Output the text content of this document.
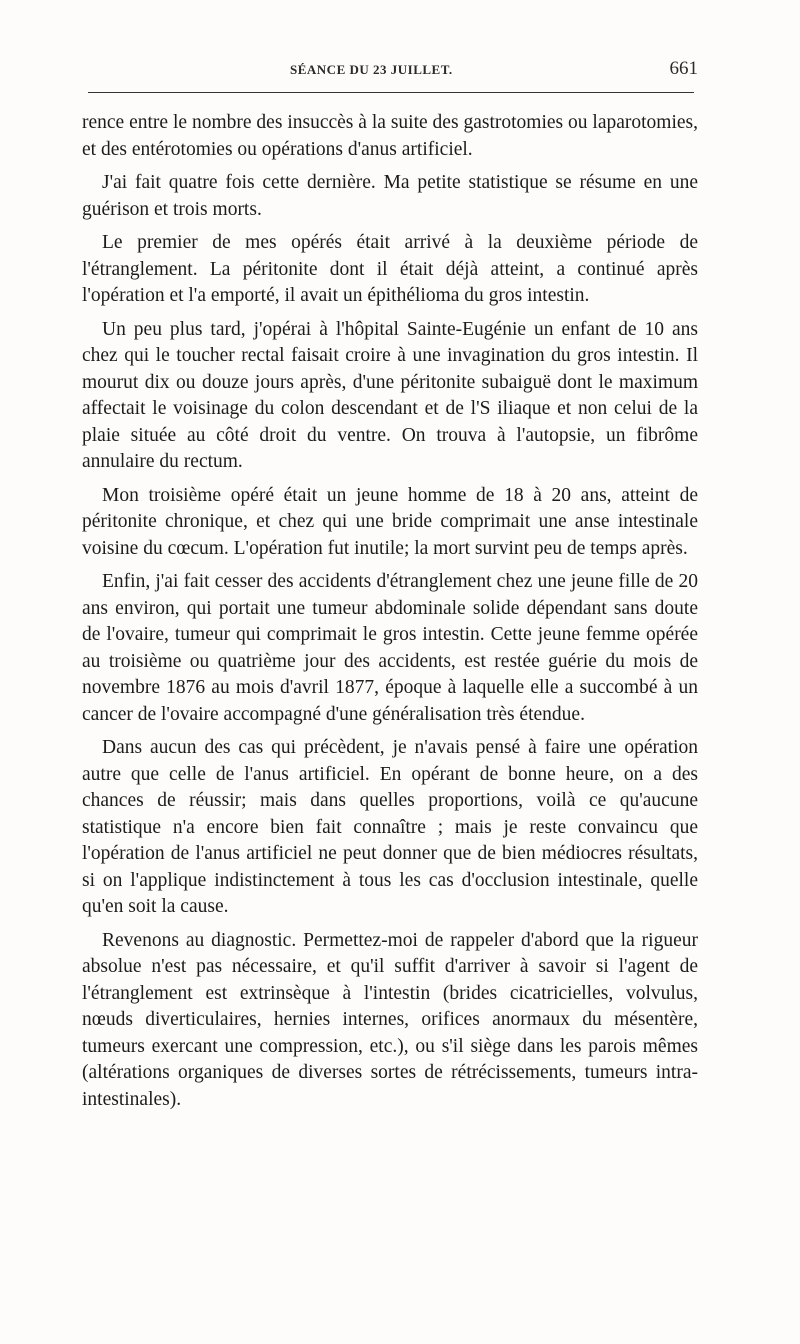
SÉANCE DU 23 JUILLET.	661

rence entre le nombre des insuccès à la suite des gastrotomies ou laparotomies, et des entérotomies ou opérations d'anus artificiel.

J'ai fait quatre fois cette dernière. Ma petite statistique se résume en une guérison et trois morts.

Le premier de mes opérés était arrivé à la deuxième période de l'étranglement. La péritonite dont il était déjà atteint, a continué après l'opération et l'a emporté, il avait un épithélioma du gros intestin.

Un peu plus tard, j'opérai à l'hôpital Sainte-Eugénie un enfant de 10 ans chez qui le toucher rectal faisait croire à une invagination du gros intestin. Il mourut dix ou douze jours après, d'une péritonite subaiguë dont le maximum affectait le voisinage du colon descendant et de l'S iliaque et non celui de la plaie située au côté droit du ventre. On trouva à l'autopsie, un fibrôme annulaire du rectum.

Mon troisième opéré était un jeune homme de 18 à 20 ans, atteint de péritonite chronique, et chez qui une bride comprimait une anse intestinale voisine du cœcum. L'opération fut inutile; la mort survint peu de temps après.

Enfin, j'ai fait cesser des accidents d'étranglement chez une jeune fille de 20 ans environ, qui portait une tumeur abdominale solide dépendant sans doute de l'ovaire, tumeur qui comprimait le gros intestin. Cette jeune femme opérée au troisième ou quatrième jour des accidents, est restée guérie du mois de novembre 1876 au mois d'avril 1877, époque à laquelle elle a succombé à un cancer de l'ovaire accompagné d'une généralisation très étendue.

Dans aucun des cas qui précèdent, je n'avais pensé à faire une opération autre que celle de l'anus artificiel. En opérant de bonne heure, on a des chances de réussir; mais dans quelles proportions, voilà ce qu'aucune statistique n'a encore bien fait connaître ; mais je reste convaincu que l'opération de l'anus artificiel ne peut donner que de bien médiocres résultats, si on l'applique indistinctement à tous les cas d'occlusion intestinale, quelle qu'en soit la cause.

Revenons au diagnostic. Permettez-moi de rappeler d'abord que la rigueur absolue n'est pas nécessaire, et qu'il suffit d'arriver à savoir si l'agent de l'étranglement est extrinsèque à l'intestin (brides cicatricielles, volvulus, nœuds diverticulaires, hernies internes, orifices anormaux du mésentère, tumeurs exercant une compression, etc.), ou s'il siège dans les parois mêmes (altérations organiques de diverses sortes de rétrécissements, tumeurs intra-intestinales).
